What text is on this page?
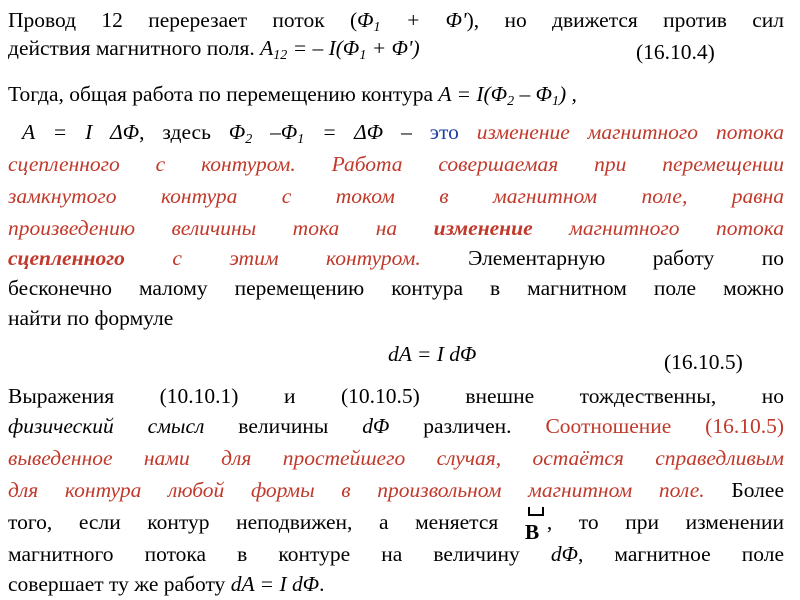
Провод 12 перерезает поток $(\Phi_1 + \Phi')$, но движется против сил
действия магнитного поля. $A_{12}$ = – $I(\Phi_1 + \Phi')$	(16.10.4)
Тогда, общая работа по перемещению контура $A = I(\Phi_2 - \Phi_1)$ ,
A = I ΔΦ, здесь $\Phi_2$ $-\Phi_1 = \Delta\Phi$ – это изменение магнитного потока
сцепленного с контуром. Работа совершаемая при перемещении
замкнутого контура с током в магнитном поле, равна
произведению величины тока на изменение магнитного потока
сцепленного с этим контуром. Элементарную работу по
бесконечно малому перемещению контура в магнитном поле можно
найти по формуле
dA = I dΦ	(16.10.5)
Выражения (10.10.1) и (10.10.5) внешне тождественны, но
физический смысл величины dΦ различен. Соотношение (16.10.5)
выведенное нами для простейшего случая, остаётся справедливым
для контура любой формы в произвольном магнитном поле. Более
того, если контур неподвижен, а меняется
B , то при изменении
магнитного потока в контуре на величину dΦ, магнитное поле
совершает ту же работу dA = I dΦ.
